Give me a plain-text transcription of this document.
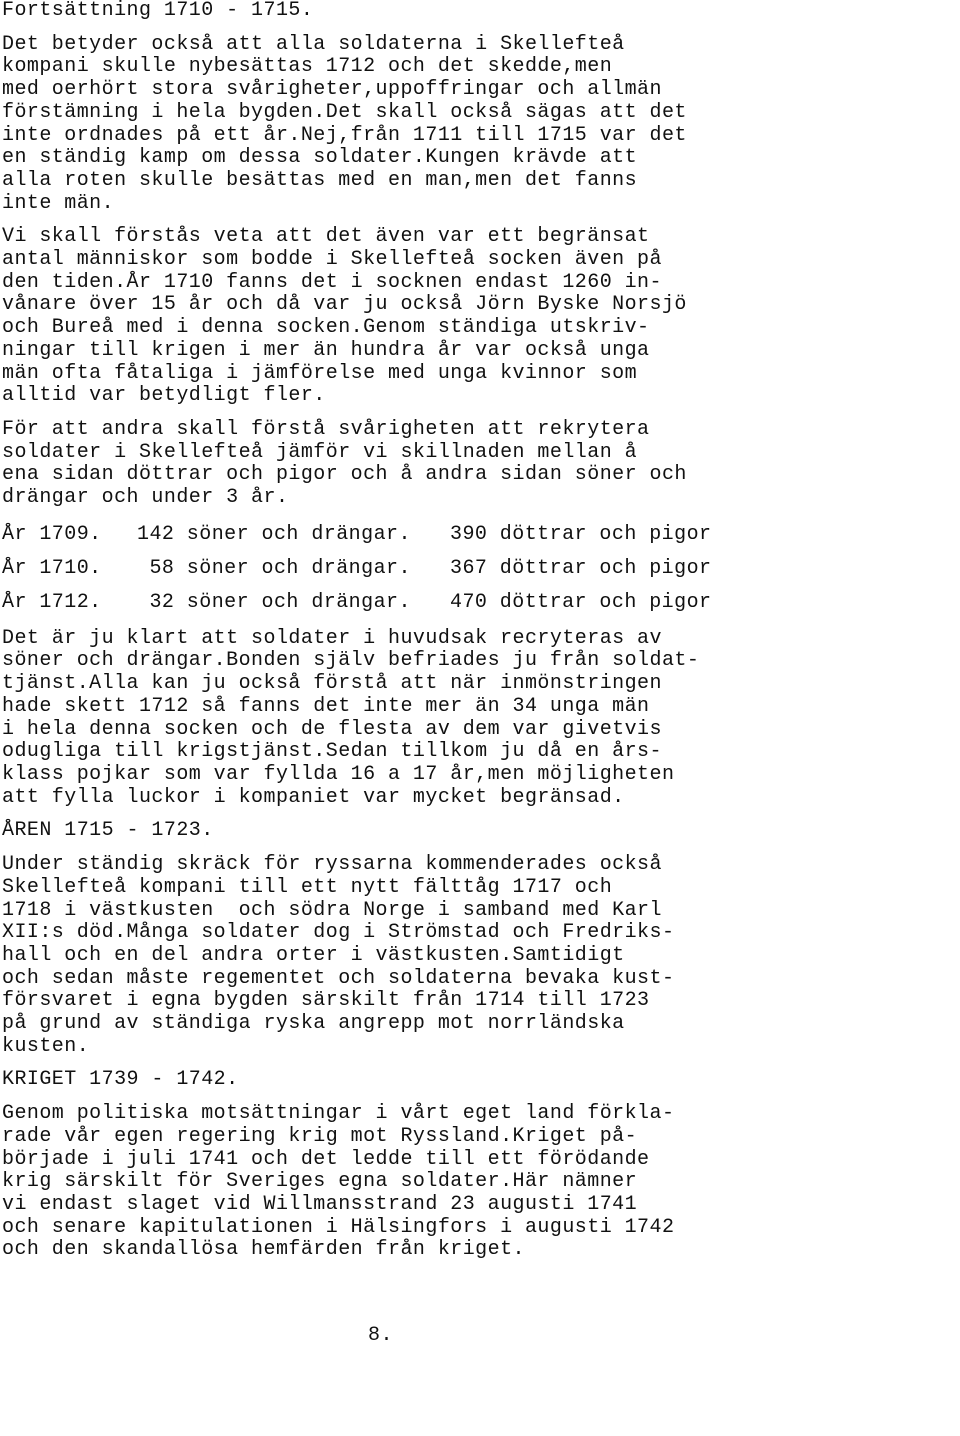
Fortsättning 1710 - 1715.
Det betyder också att alla soldaterna i Skellefteå
kompani skulle nybesättas 1712 och det skedde,men
med oerhört stora svårigheter,uppoffringar och allmän
förstämning i hela bygden.Det skall också sägas att det
inte ordnades på ett år.Nej,från 1711 till 1715 var det
en ständig kamp om dessa soldater.Kungen krävde att
alla roten skulle besättas med en man,men det fanns
inte män.
Vi skall förstås veta att det även var ett begränsat
antal människor som bodde i Skellefteå socken även på
den tiden.År 1710 fanns det i socknen endast 1260 in-
vånare över 15 år och då var ju också Jörn Byske Norsjö
och Bureå med i denna socken.Genom ständiga utskriv-
ningar till krigen i mer än hundra år var också unga
män ofta fåtaliga i jämförelse med unga kvinnor som
alltid var betydligt fler.
För att andra skall förstå svårigheten att rekrytera
soldater i Skellefteå jämför vi skillnaden mellan å
ena sidan döttrar och pigor och å andra sidan söner och
drängar och under 3 år.
År 1709. 142 söner och drängar. 390 döttrar och pigor
År 1710. 58 söner och drängar. 367 döttrar och pigor
År 1712. 32 söner och drängar. 470 döttrar och pigor
Det är ju klart att soldater i huvudsak recryteras av
söner och drängar.Bonden själv befriades ju från soldat-
tjänst.Alla kan ju också förstå att när inmönstringen
hade skett 1712 så fanns det inte mer än 34 unga män
i hela denna socken och de flesta av dem var givetvis
odugliga till krigstjänst.Sedan tillkom ju då en års-
klass pojkar som var fyllda 16 a 17 år,men möjligheten
att fylla luckor i kompaniet var mycket begränsad.
ÅREN 1715 - 1723.
Under ständig skräck för ryssarna kommenderades också
Skellefteå kompani till ett nytt fälttåg 1717 och
1718 i västkusten  och södra Norge i samband med Karl
XII:s död.Många soldater dog i Strömstad och Fredriks-
hall och en del andra orter i västkusten.Samtidigt
och sedan måste regementet och soldaterna bevaka kust-
försvaret i egna bygden särskilt från 1714 till 1723
på grund av ständiga ryska angrepp mot norrländska
kusten.
KRIGET 1739 - 1742.
Genom politiska motsättningar i vårt eget land förkla-
rade vår egen regering krig mot Ryssland.Kriget på-
började i juli 1741 och det ledde till ett förödande
krig särskilt för Sveriges egna soldater.Här nämner
vi endast slaget vid Willmansstrand 23 augusti 1741
och senare kapitulationen i Hälsingfors i augusti 1742
och den skandallösa hemfärden från kriget.
8.
